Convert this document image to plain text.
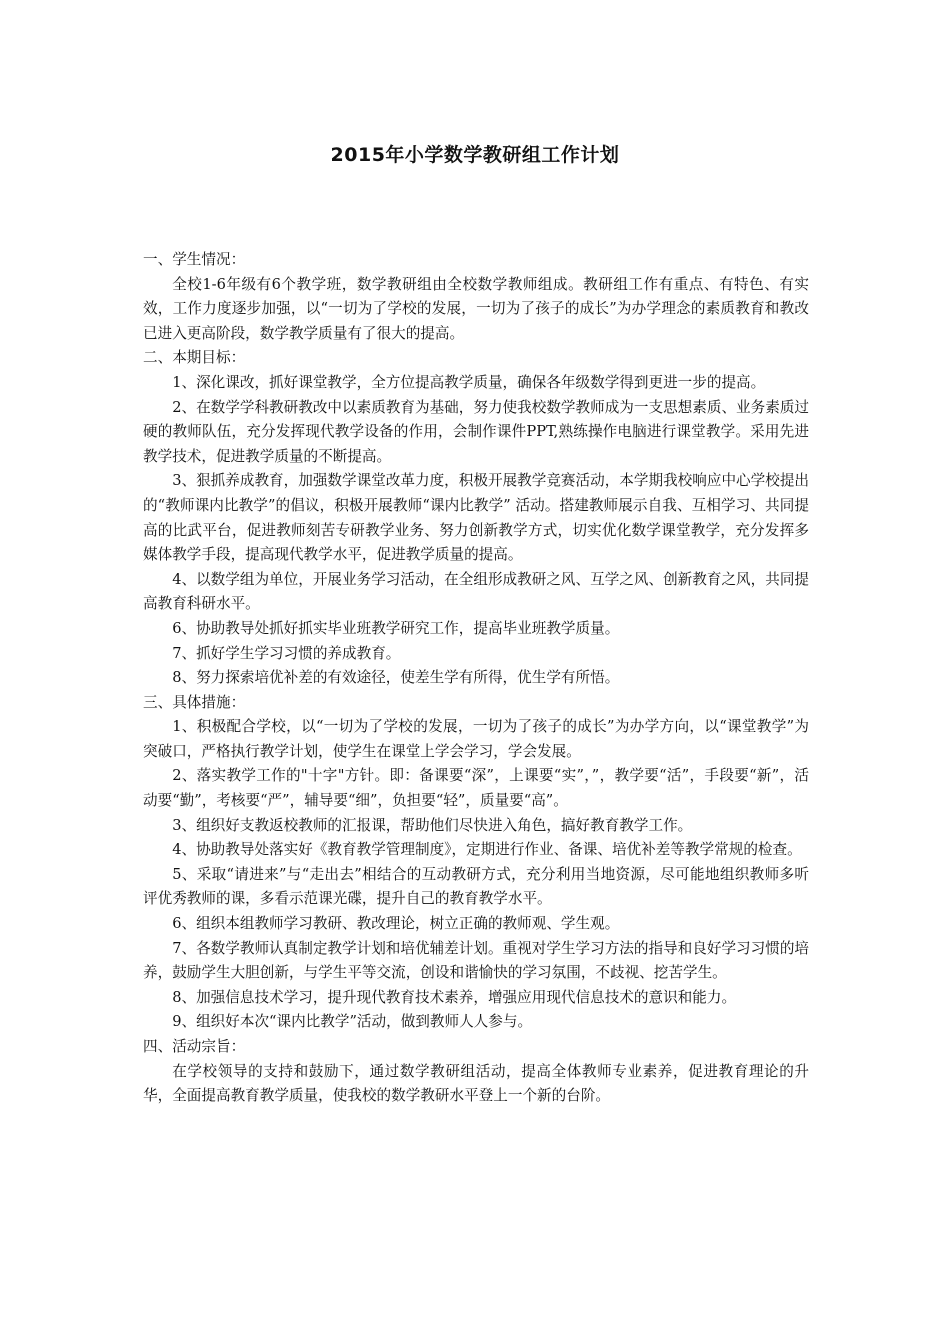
2015年小学数学教研组工作计划

一、学生情况：

全校1-6年级有6个教学班，数学教研组由全校数学教师组成。教研组工作有重点、有特色、有实效，工作力度逐步加强，以“一切为了学校的发展，一切为了孩子的成长”为办学理念的素质教育和教改已进入更高阶段，数学教学质量有了很大的提高。

二、本期目标：

1、深化课改，抓好课堂教学，全方位提高教学质量，确保各年级数学得到更进一步的提高。

2、在数学学科教研教改中以素质教育为基础，努力使我校数学教师成为一支思想素质、业务素质过硬的教师队伍，充分发挥现代教学设备的作用，会制作课件PPT,熟练操作电脑进行课堂教学。采用先进教学技术，促进教学质量的不断提高。

3、狠抓养成教育，加强数学课堂改革力度，积极开展教学竞赛活动，本学期我校响应中心学校提出的“教师课内比教学”的倡议，积极开展教师“课内比教学” 活动。搭建教师展示自我、互相学习、共同提高的比武平台，促进教师刻苦专研教学业务、努力创新教学方式，切实优化数学课堂教学，充分发挥多媒体教学手段，提高现代教学水平，促进教学质量的提高。

4、以数学组为单位，开展业务学习活动，在全组形成教研之风、互学之风、创新教育之风，共同提高教育科研水平。

6、协助教导处抓好抓实毕业班教学研究工作，提高毕业班教学质量。

7、抓好学生学习习惯的养成教育。

8、努力探索培优补差的有效途径，使差生学有所得，优生学有所悟。

三、具体措施：

1、积极配合学校，以“一切为了学校的发展，一切为了孩子的成长”为办学方向，以“课堂教学”为突破口，严格执行教学计划，使学生在课堂上学会学习，学会发展。

2、落实教学工作的"十字"方针。即：备课要“深”，上课要“实”，”，教学要“活”，手段要“新”，活动要“勤”，考核要“严”，辅导要“细”，负担要“轻”，质量要“高”。

3、组织好支教返校教师的汇报课，帮助他们尽快进入角色，搞好教育教学工作。

4、协助教导处落实好《教育教学管理制度》，定期进行作业、备课、培优补差等教学常规的检查。

5、采取“请进来”与“走出去”相结合的互动教研方式，充分利用当地资源，尽可能地组织教师多听评优秀教师的课，多看示范课光碟，提升自己的教育教学水平。

6、组织本组教师学习教研、教改理论，树立正确的教师观、学生观。

7、各数学教师认真制定教学计划和培优辅差计划。重视对学生学习方法的指导和良好学习习惯的培养，鼓励学生大胆创新，与学生平等交流，创设和谐愉快的学习氛围，不歧视、挖苦学生。

8、加强信息技术学习，提升现代教育技术素养，增强应用现代信息技术的意识和能力。

9、组织好本次“课内比教学”活动，做到教师人人参与。

四、活动宗旨：

在学校领导的支持和鼓励下，通过数学教研组活动，提高全体教师专业素养，促进教育理论的升华，全面提高教育教学质量，使我校的数学教研水平登上一个新的台阶。
